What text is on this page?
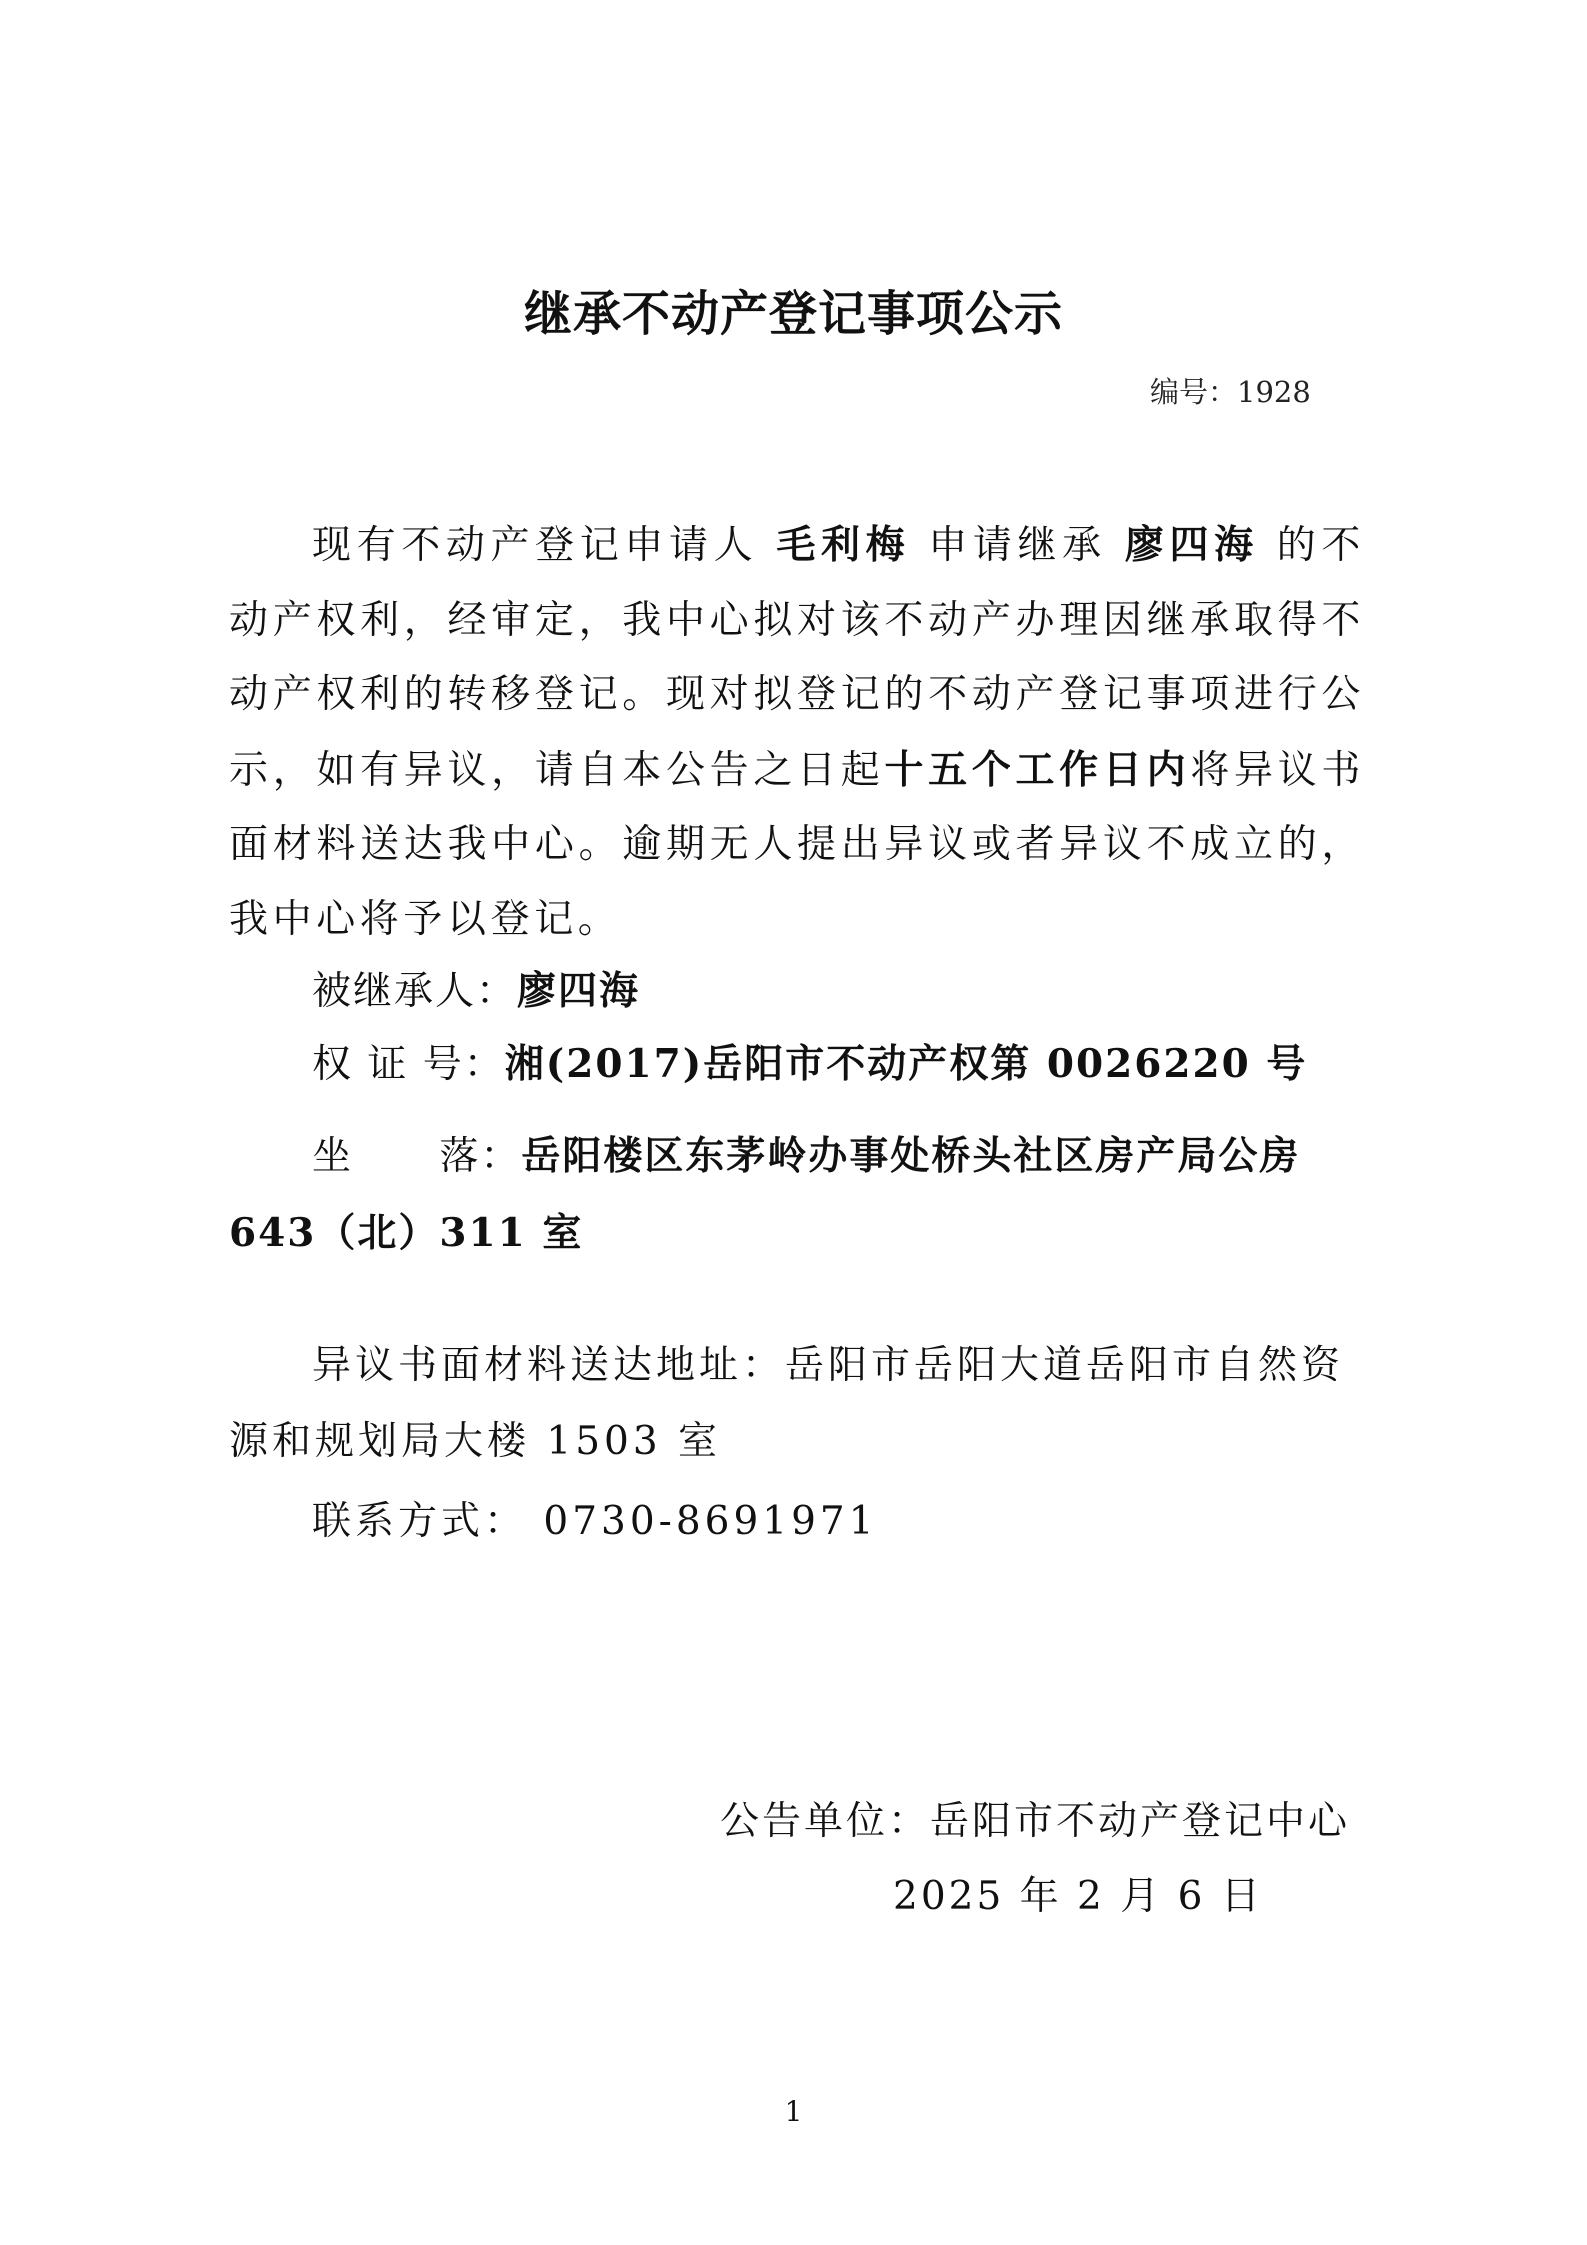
继承不动产登记事项公示
编号：1928

现有不动产登记申请人 毛利梅 申请继承 廖四海 的不动产权利，经审定，我中心拟对该不动产办理因继承取得不动产权利的转移登记。现对拟登记的不动产登记事项进行公示，如有异议，请自本公告之日起十五个工作日内将异议书面材料送达我中心。逾期无人提出异议或者异议不成立的，我中心将予以登记。

被继承人：廖四海
权 证 号：湘(2017)岳阳市不动产权第 0026220 号

坐      落：岳阳楼区东茅岭办事处桥头社区房产局公房 643（北）311 室

异议书面材料送达地址：岳阳市岳阳大道岳阳市自然资源和规划局大楼 1503 室

联系方式： 0730-8691971
公告单位：岳阳市不动产登记中心
2025 年 2 月 6 日
1
